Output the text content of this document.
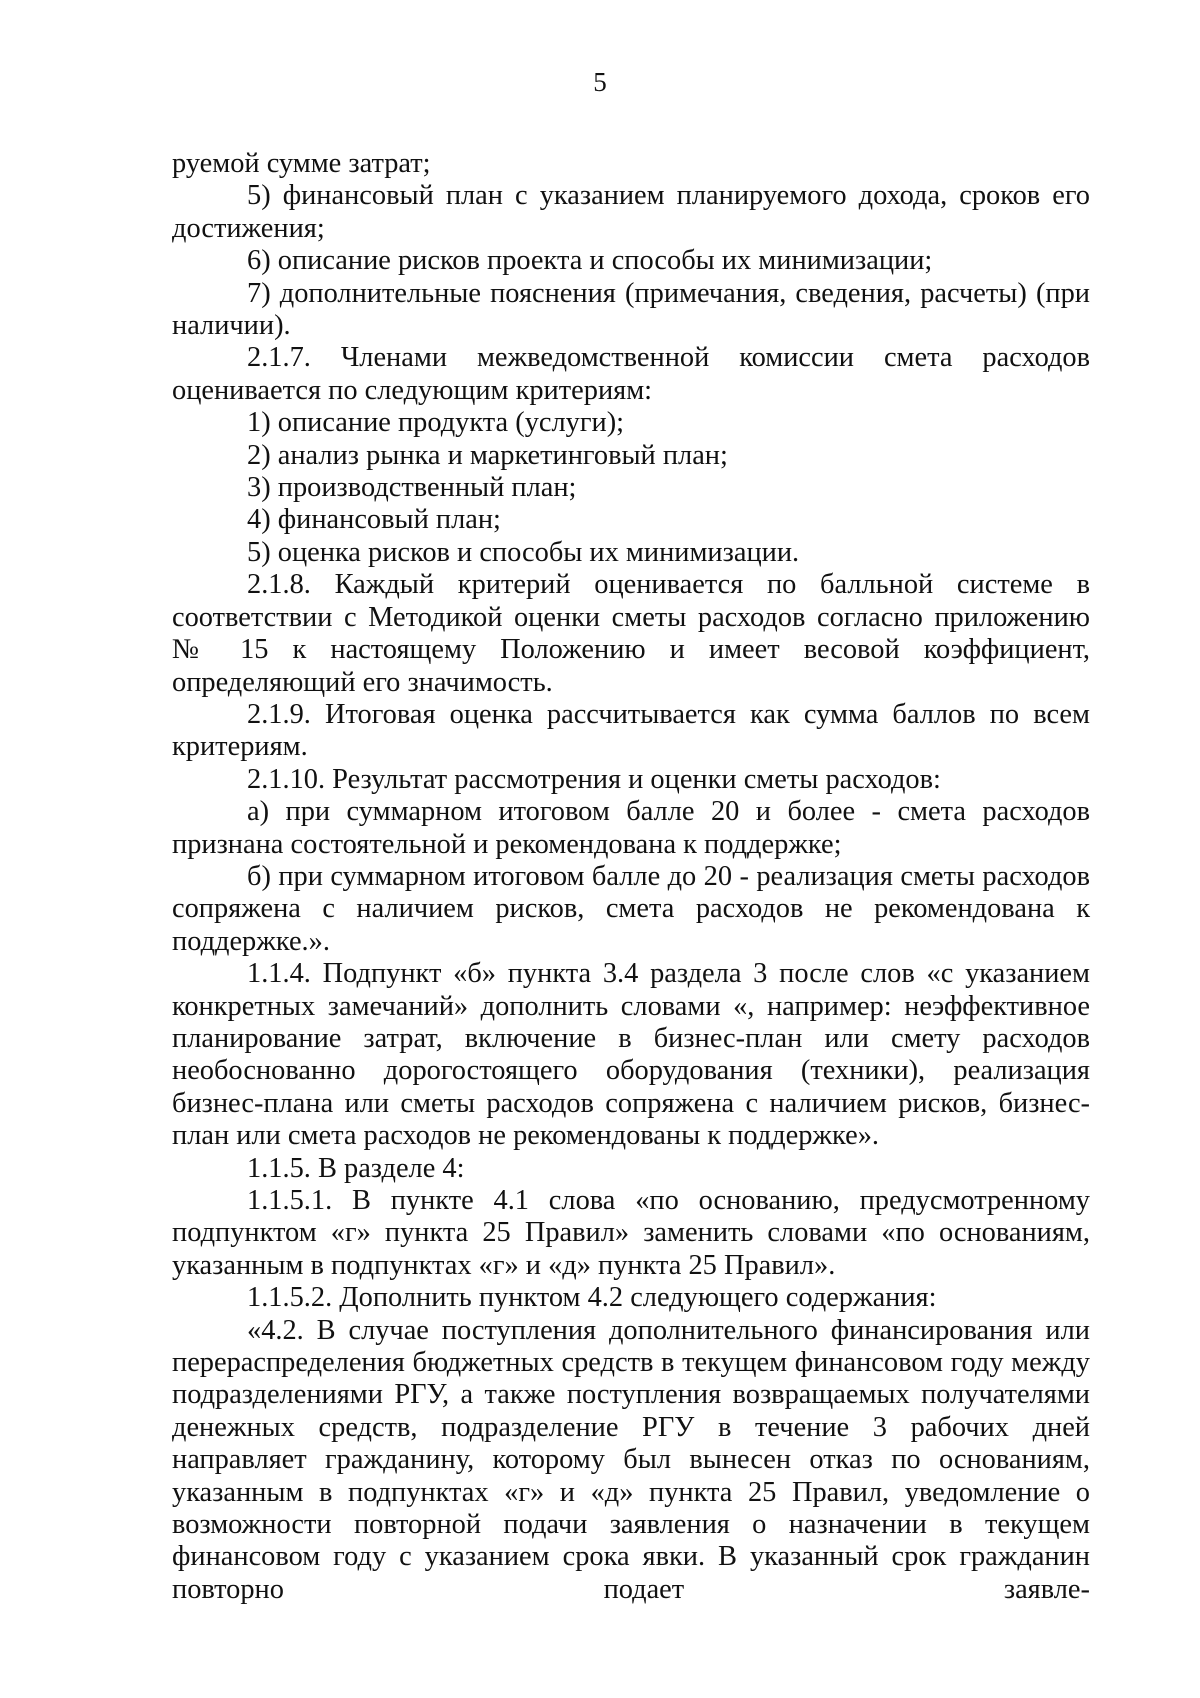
5

руемой сумме затрат;

5) финансовый план с указанием планируемого дохода, сроков его достижения;

6) описание рисков проекта и способы их минимизации;

7) дополнительные пояснения (примечания, сведения, расчеты) (при наличии).

2.1.7. Членами межведомственной комиссии смета расходов оценивается по следующим критериям:

1) описание продукта (услуги);

2) анализ рынка и маркетинговый план;

3) производственный план;

4) финансовый план;

5) оценка рисков и способы их минимизации.

2.1.8. Каждый критерий оценивается по балльной системе в соответствии с Методикой оценки сметы расходов согласно приложению № 15 к настоящему Положению и имеет весовой коэффициент, определяющий его значимость.

2.1.9. Итоговая оценка рассчитывается как сумма баллов по всем критериям.

2.1.10. Результат рассмотрения и оценки сметы расходов:

а) при суммарном итоговом балле 20 и более - смета расходов признана состоятельной и рекомендована к поддержке;

б) при суммарном итоговом балле до 20 - реализация сметы расходов сопряжена с наличием рисков, смета расходов не рекомендована к поддержке.».

1.1.4. Подпункт «б» пункта 3.4 раздела 3 после слов «с указанием конкретных замечаний» дополнить словами «, например: неэффективное планирование затрат, включение в бизнес-план или смету расходов необоснованно дорогостоящего оборудования (техники), реализация бизнес-плана или сметы расходов сопряжена с наличием рисков, бизнес-план или смета расходов не рекомендованы к поддержке».

1.1.5. В разделе 4:

1.1.5.1. В пункте 4.1 слова «по основанию, предусмотренному подпунктом «г» пункта 25 Правил» заменить словами «по основаниям, указанным в подпунктах «г» и «д» пункта 25 Правил».

1.1.5.2. Дополнить пунктом 4.2 следующего содержания:

«4.2. В случае поступления дополнительного финансирования или перераспределения бюджетных средств в текущем финансовом году между подразделениями РГУ, а также поступления возвращаемых получателями денежных средств, подразделение РГУ в течение 3 рабочих дней направляет гражданину, которому был вынесен отказ по основаниям, указанным в подпунктах «г» и «д» пункта 25 Правил, уведомление о возможности повторной подачи заявления о назначении в текущем финансовом году с указанием срока явки. В указанный срок гражданин повторно подает заявле-
